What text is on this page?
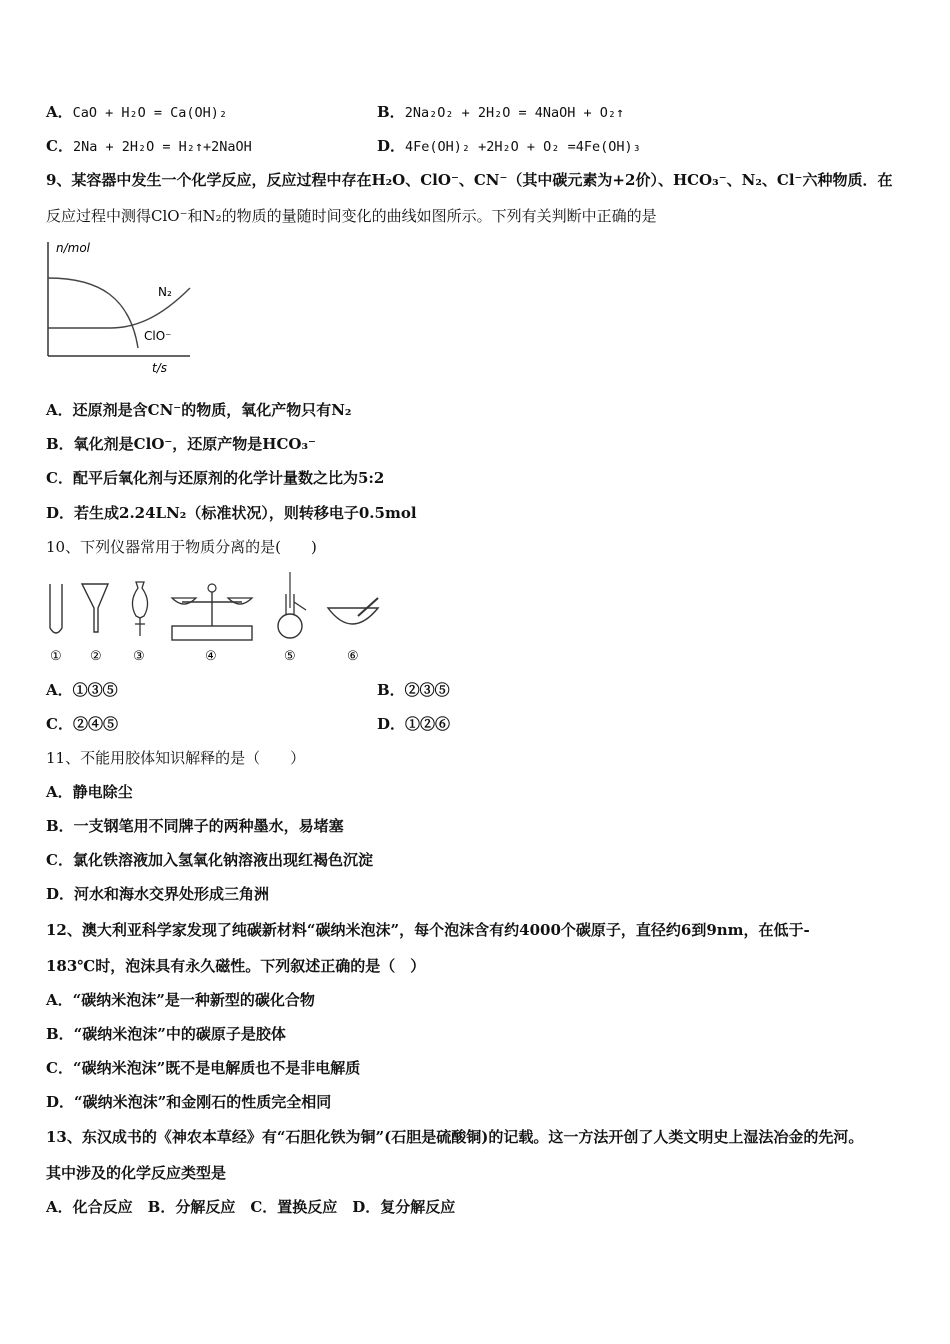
A．CaO + H₂O = Ca(OH)₂	B．2Na₂O₂ + 2H₂O = 4NaOH + O₂↑
C．2Na + 2H₂O = H₂↑+2NaOH	D．4Fe(OH)₂ +2H₂O + O₂ =4Fe(OH)₃
9、某容器中发生一个化学反应，反应过程中存在H₂O、ClO⁻、CN⁻（其中碳元素为+2价）、HCO₃⁻、N₂、Cl⁻六种物质．在
反应过程中测得ClO⁻和N₂的物质的量随时间变化的曲线如图所示。下列有关判断中正确的是
n/mol
t/s
N₂
ClO⁻
A．还原剂是含CN⁻的物质，氧化产物只有N₂
B．氧化剂是ClO⁻，还原产物是HCO₃⁻
C．配平后氧化剂与还原剂的化学计量数之比为5:2
D．若生成2.24LN₂（标准状况），则转移电子0.5mol
10、下列仪器常用于物质分离的是(　　)
① ② ③	④	⑤	⑥
A．①③⑤	B．②③⑤
C．②④⑤	D．①②⑥
11、不能用胶体知识解释的是（　　）
A．静电除尘
B．一支钢笔用不同牌子的两种墨水，易堵塞
C．氯化铁溶液加入氢氧化钠溶液出现红褐色沉淀
D．河水和海水交界处形成三角洲
12、澳大利亚科学家发现了纯碳新材料“碳纳米泡沫”，每个泡沫含有约4000个碳原子，直径约6到9nm，在低于-
183℃时，泡沫具有永久磁性。下列叙述正确的是（　）
A．“碳纳米泡沫”是一种新型的碳化合物
B．“碳纳米泡沫”中的碳原子是胶体
C．“碳纳米泡沫”既不是电解质也不是非电解质
D．“碳纳米泡沫”和金刚石的性质完全相同
13、东汉成书的《神农本草经》有“石胆化铁为铜”(石胆是硫酸铜)的记载。这一方法开创了人类文明史上湿法冶金的先河。
其中涉及的化学反应类型是
A．化合反应　B．分解反应　C．置换反应　D．复分解反应
